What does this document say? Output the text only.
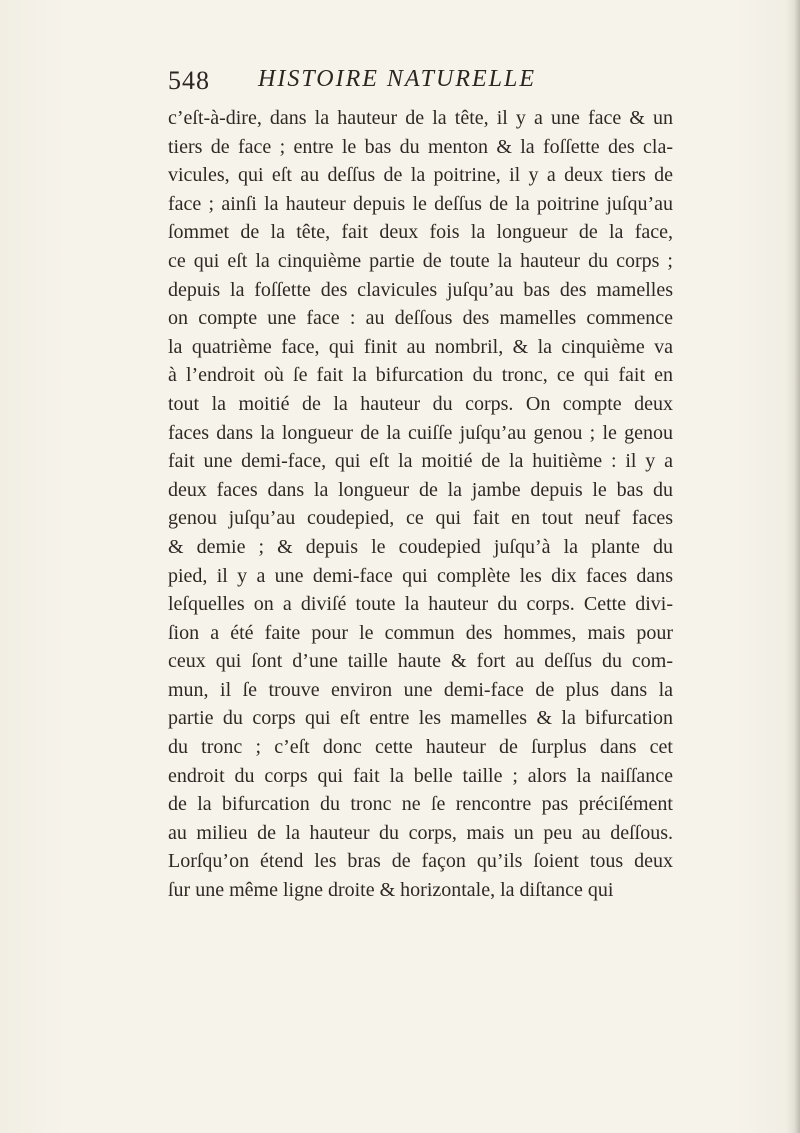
548 HISTOIRE NATURELLE
c’eſt-à-dire, dans la hauteur de la tête, il y a une face & un
tiers de face ; entre le bas du menton & la foſſette des cla-
vicules, qui eſt au deſſus de la poitrine, il y a deux tiers de
face ; ainſi la hauteur depuis le deſſus de la poitrine juſqu’au
ſommet de la tête, fait deux fois la longueur de la face,
ce qui eſt la cinquième partie de toute la hauteur du corps ;
depuis la foſſette des clavicules juſqu’au bas des mamelles
on compte une face : au deſſous des mamelles commence
la quatrième face, qui finit au nombril, & la cinquième va
à l’endroit où ſe fait la bifurcation du tronc, ce qui fait en
tout la moitié de la hauteur du corps. On compte deux
faces dans la longueur de la cuiſſe juſqu’au genou ; le genou
fait une demi-face, qui eſt la moitié de la huitième : il y a
deux faces dans la longueur de la jambe depuis le bas du
genou juſqu’au coudepied, ce qui fait en tout neuf faces
& demie ; & depuis le coudepied juſqu’à la plante du
pied, il y a une demi-face qui complète les dix faces dans
leſquelles on a diviſé toute la hauteur du corps. Cette divi-
ſion a été faite pour le commun des hommes, mais pour
ceux qui ſont d’une taille haute & fort au deſſus du com-
mun, il ſe trouve environ une demi-face de plus dans la
partie du corps qui eſt entre les mamelles & la bifurcation
du tronc ; c’eſt donc cette hauteur de ſurplus dans cet
endroit du corps qui fait la belle taille ; alors la naiſſance
de la bifurcation du tronc ne ſe rencontre pas préciſément
au milieu de la hauteur du corps, mais un peu au deſſous.
Lorſqu’on étend les bras de façon qu’ils ſoient tous deux
ſur une même ligne droite & horizontale, la diſtance qui
